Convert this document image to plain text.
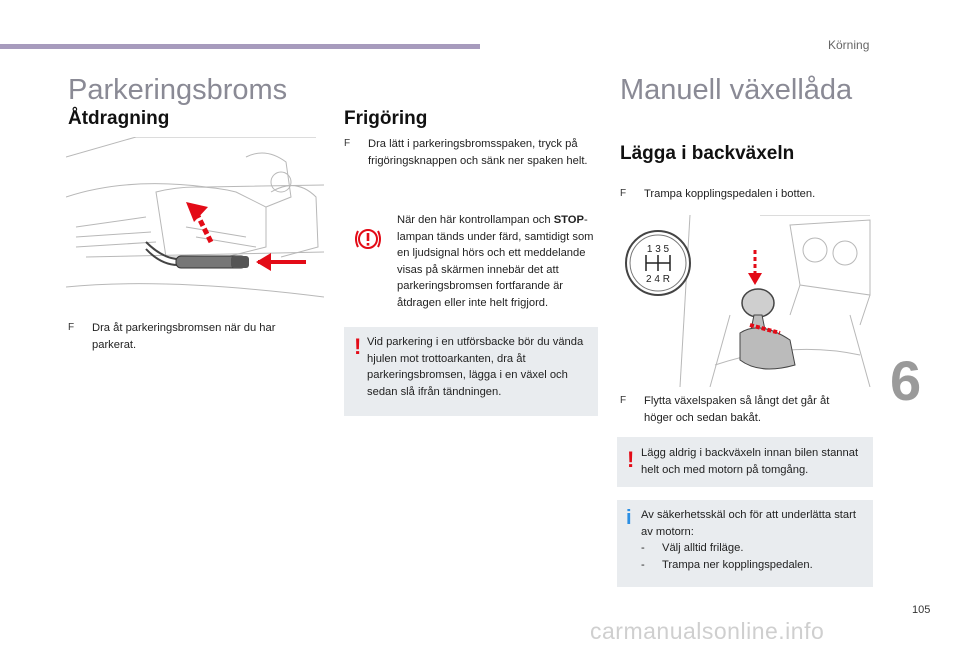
Körning
6
105
Parkeringsbroms
Åtdragning
F	Dra åt parkeringsbromsen när du har parkerat.
Frigöring
F	Dra lätt i parkeringsbromsspaken, tryck på frigöringsknappen och sänk ner spaken helt.
När den här kontrollampan och STOP-lampan tänds under färd, samtidigt som en ljudsignal hörs och ett meddelande visas på skärmen innebär det att parkeringsbromsen fortfarande är åtdragen eller inte helt frigjord.
! Vid parkering i en utförsbacke bör du vända hjulen mot trottoarkanten, dra åt parkeringsbromsen, lägga i en växel och sedan slå ifrån tändningen.
Manuell växellåda
Lägga i backväxeln
F	Trampa kopplingspedalen i botten.
1 3 5
2 4 R
F	Flytta växelspaken så långt det går åt höger och sedan bakåt.
! Lägg aldrig i backväxeln innan bilen stannat helt och med motorn på tomgång.
i Av säkerhetsskäl och för att underlätta start av motorn:
- Välj alltid friläge.
- Trampa ner kopplingspedalen.
carmanualsonline.info
